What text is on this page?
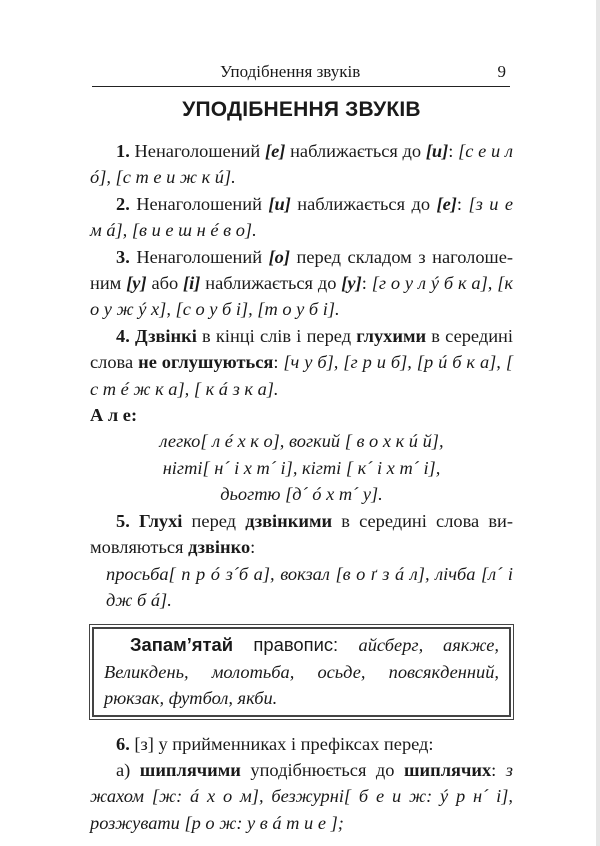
Уподібнення звуків	9
УПОДІБНЕННЯ ЗВУКІВ

1. Ненаголошений [е] наближається до [и]: [с е и л ó], [с т е и ж к ú].

2. Ненаголошений [и] наближається до [е]: [з и е м á], [в и е ш н é в о].

3. Ненаголошений [о] перед складом з наголошеним [у] або [і] наближається до [у]: [г о у л ý б к а], [к о у ж ý х], [с о у б і], [т о у б і].

4. Дзвінкі в кінці слів і перед глухими в середині слова не оглушуються: [ч у б], [г р и б], [р ú б к а], [ с т é ж к а], [ к á з к а].

А л е:

легко[ л é х к о], вогкий [ в о х к ú й],

нігті[ н´ і х т´ і], кігті [ к´ і х т´ і],

дьогтю [д´ ó х т´ у].

5. Глухі перед дзвінкими в середині слова вимовляються дзвінко:

просьба[ п р ó з´б а], вокзал [в о ґ з á л], лічба [л´ і дж б á].

Запам’ятай правопис: айсберг, аякже, Великдень, молотьба, осьде, повсякденний, рюкзак, футбол, якби.

6. [з] у прийменниках і префіксах перед:

а) шиплячими уподібнюється до шиплячих: з жахом [ж: á х о м], безжурні[ б е и ж: ý р н´ і], розжувати [р о ж: у в á т и е ];
